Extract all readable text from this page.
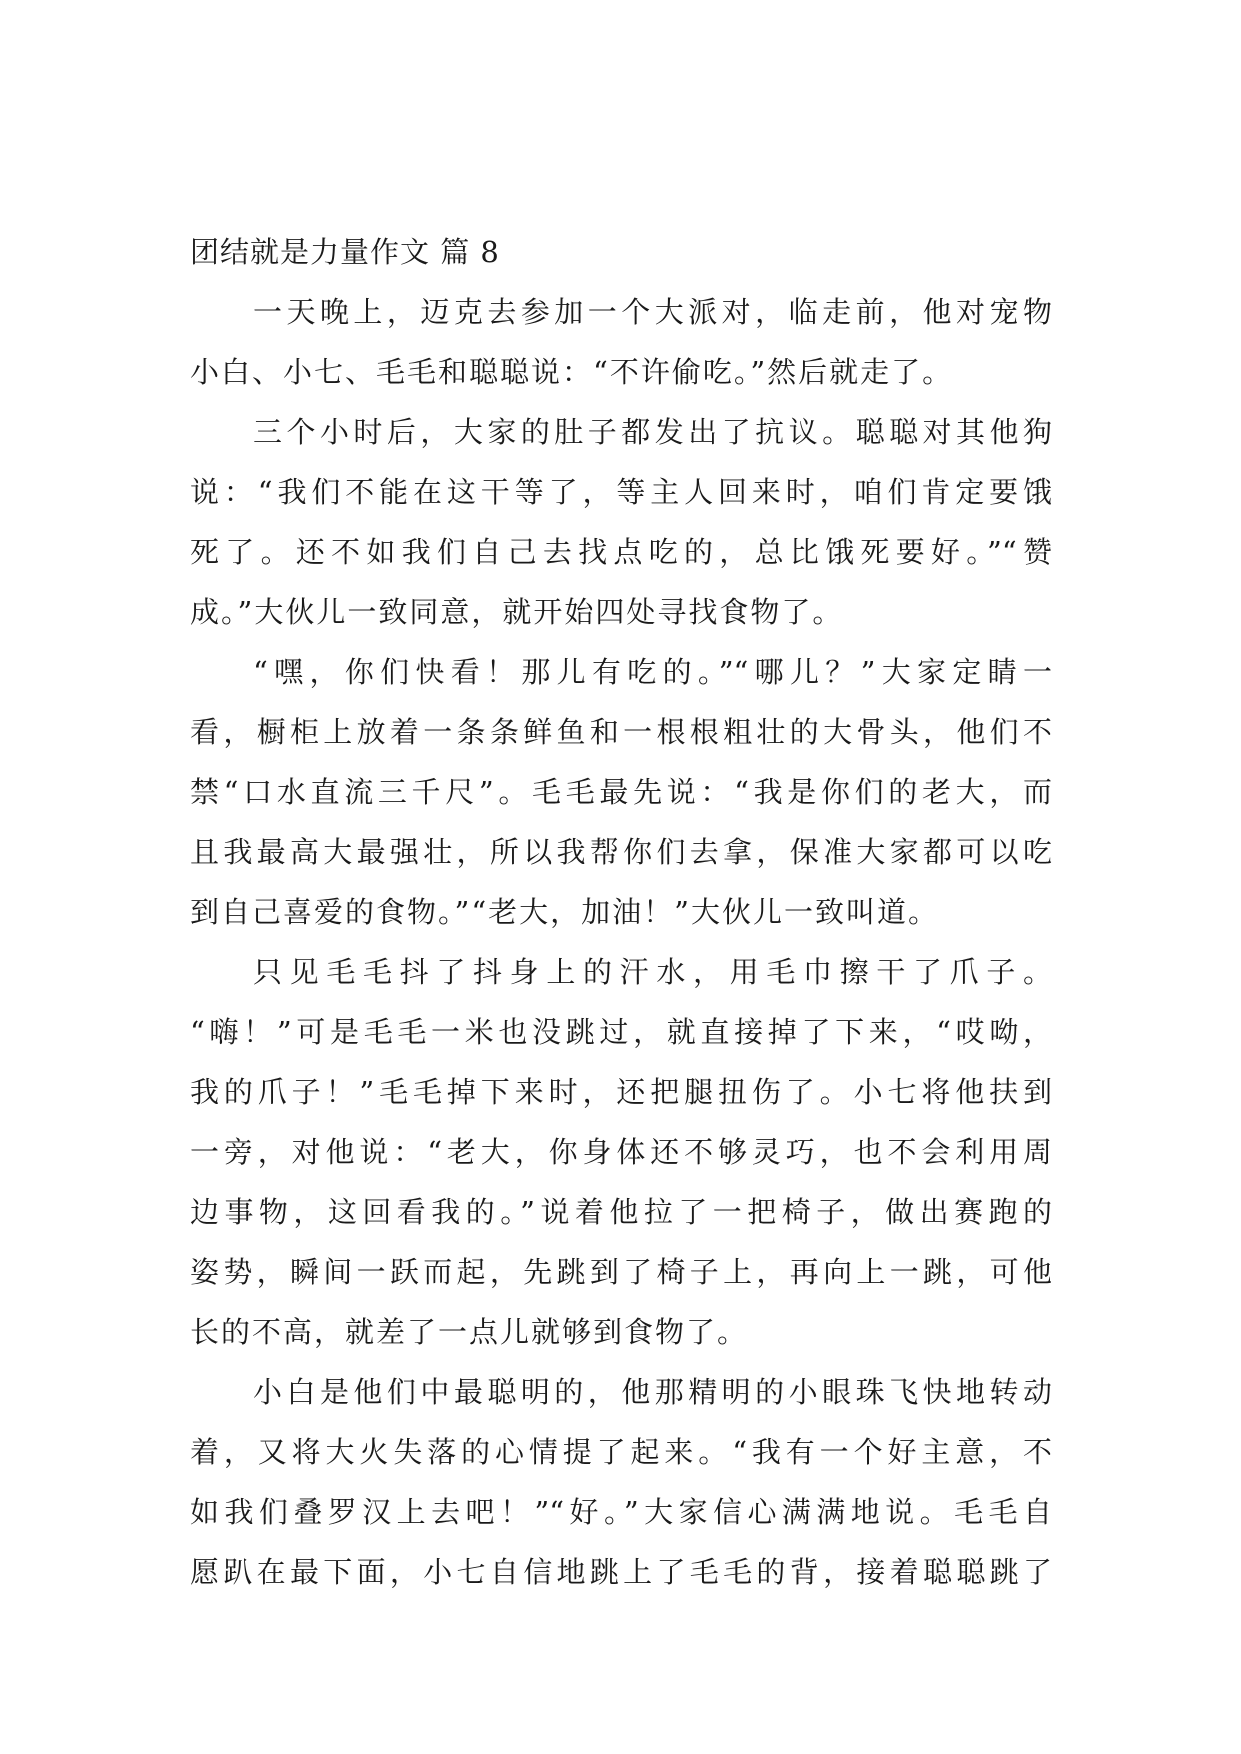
团结就是力量作文 篇 8
一天晚上，迈克去参加一个大派对，临走前，他对宠物
小白、小七、毛毛和聪聪说：“不许偷吃。”然后就走了。
三个小时后，大家的肚子都发出了抗议。聪聪对其他狗
说：“我们不能在这干等了，等主人回来时，咱们肯定要饿
死了。还不如我们自己去找点吃的，总比饿死要好。”“赞
成。”大伙儿一致同意，就开始四处寻找食物了。
“嘿，你们快看！那儿有吃的。”“哪儿？”大家定睛一
看，橱柜上放着一条条鲜鱼和一根根粗壮的大骨头，他们不
禁“口水直流三千尺”。毛毛最先说：“我是你们的老大，而
且我最高大最强壮，所以我帮你们去拿，保准大家都可以吃
到自己喜爱的食物。”“老大，加油！”大伙儿一致叫道。
只见毛毛抖了抖身上的汗水，用毛巾擦干了爪子。
“嗨！”可是毛毛一米也没跳过，就直接掉了下来，“哎呦，
我的爪子！”毛毛掉下来时，还把腿扭伤了。小七将他扶到
一旁，对他说：“老大，你身体还不够灵巧，也不会利用周
边事物，这回看我的。”说着他拉了一把椅子，做出赛跑的
姿势，瞬间一跃而起，先跳到了椅子上，再向上一跳，可他
长的不高，就差了一点儿就够到食物了。
小白是他们中最聪明的，他那精明的小眼珠飞快地转动
着，又将大火失落的心情提了起来。“我有一个好主意，不
如我们叠罗汉上去吧！”“好。”大家信心满满地说。毛毛自
愿趴在最下面，小七自信地跳上了毛毛的背，接着聪聪跳了
